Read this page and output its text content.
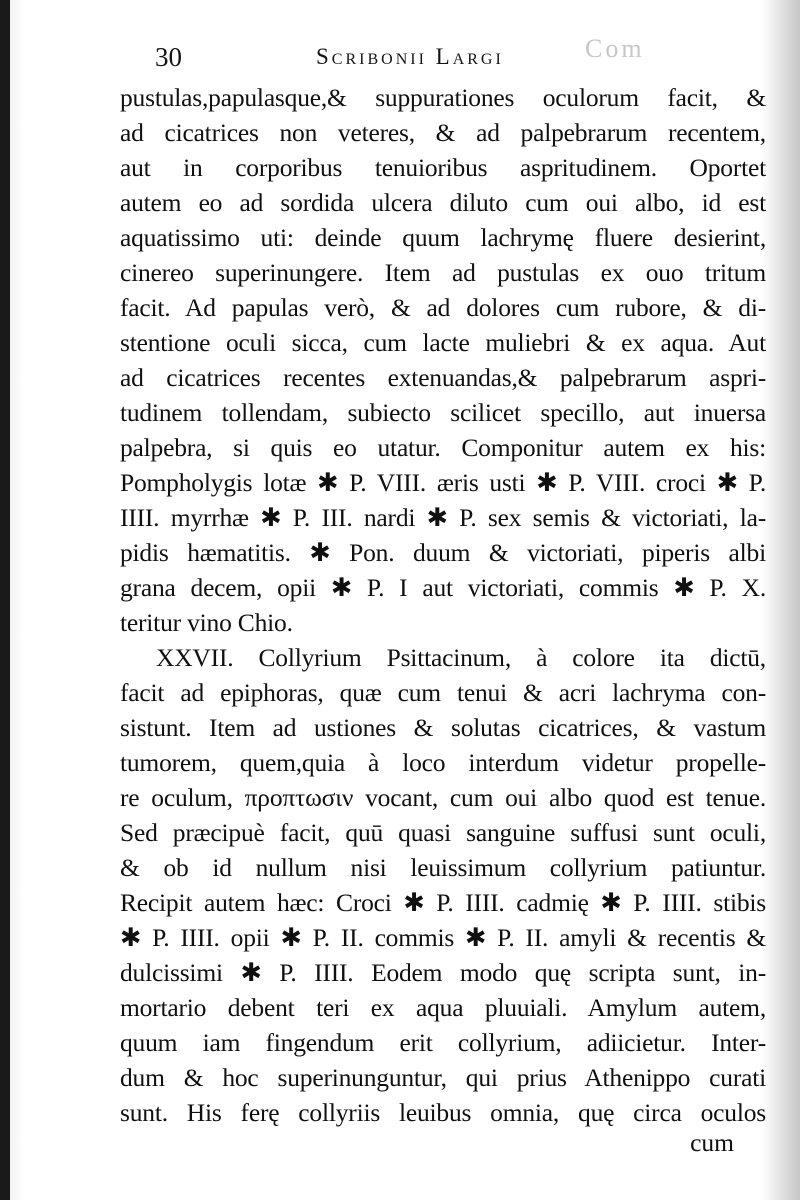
Com
30	Scribonii Largi
pustulas,papulasque,& suppurationes oculorum facit, &
ad cicatrices non veteres, & ad palpebrarum recentem,
aut in corporibus tenuioribus aspritudinem. Oportet
autem eo ad sordida ulcera diluto cum oui albo, id est
aquatissimo uti: deinde quum lachrymę fluere desierint,
cinereo superinungere. Item ad pustulas ex ouo tritum
facit. Ad papulas verò, & ad dolores cum rubore, & di-
stentione oculi sicca, cum lacte muliebri & ex aqua. Aut
ad cicatrices recentes extenuandas,& palpebrarum aspri-
tudinem tollendam, subiecto scilicet specillo, aut inuersa
palpebra, si quis eo utatur. Componitur autem ex his:
Pompholygis lotæ ✱ P. VIII. æris usti ✱ P. VIII. croci ✱ P.
IIII. myrrhæ ✱ P. III. nardi ✱ P. sex semis & victoriati, la-
pidis hæmatitis. ✱ Pon. duum & victoriati, piperis albi
grana decem, opii ✱ P. I aut victoriati, commis ✱ P. X.
teritur vino Chio.
XXVII. Collyrium Psittacinum, à colore ita dictū,
facit ad epiphoras, quæ cum tenui & acri lachryma con-
sistunt. Item ad ustiones & solutas cicatrices, & vastum
tumorem, quem,quia à loco interdum videtur propelle-
re oculum, προπτωσιν vocant, cum oui albo quod est tenue.
Sed præcipuè facit, quū quasi sanguine suffusi sunt oculi,
& ob id nullum nisi leuissimum collyrium patiuntur.
Recipit autem hæc: Croci ✱ P. IIII. cadmię ✱ P. IIII. stibis
✱ P. IIII. opii ✱ P. II. commis ✱ P. II. amyli & recentis &
dulcissimi ✱ P. IIII. Eodem modo quę scripta sunt, in-
mortario debent teri ex aqua pluuiali. Amylum autem,
quum iam fingendum erit collyrium, adiicietur. Inter-
dum & hoc superinunguntur, qui prius Athenippo curati
sunt. His ferę collyriis leuibus omnia, quę circa oculos
cum
